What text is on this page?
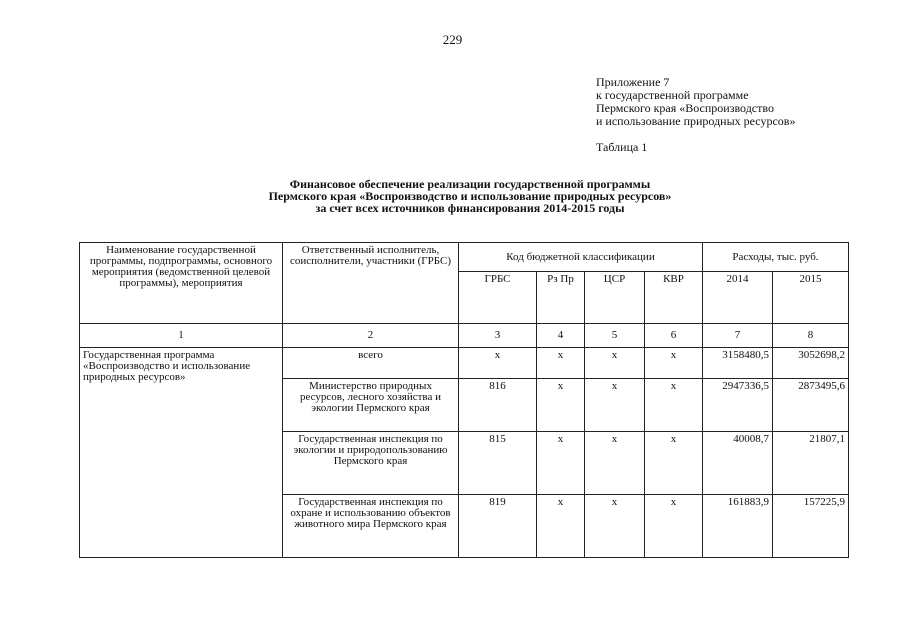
229
Приложение 7
к государственной программе
Пермского края «Воспроизводство
и использование природных ресурсов»
Таблица 1
Финансовое обеспечение реализации государственной программы
Пермского края «Воспроизводство и использование природных ресурсов»
за счет всех источников финансирования 2014-2015 годы
Наименование государственной программы, подпрограммы, основного мероприятия (ведомственной целевой программы), мероприятия	Ответственный исполнитель, соисполнители, участники (ГРБС)	Код бюджетной классификации				Расходы, тыс. руб.	
		ГРБС	Рз Пр	ЦСР	КВР	2014	2015
1	2	3	4	5	6	7	8
Государственная программа «Воспроизводство и использование природных ресурсов»	всего	х	х	х	х	3158480,5	3052698,2
	Министерство природных ресурсов, лесного хозяйства и экологии Пермского края	816	х	х	х	2947336,5	2873495,6
	Государственная инспекция по экологии и природопользованию Пермского края	815	х	х	х	40008,7	21807,1
	Государственная инспекция по охране и использованию объектов животного мира Пермского края	819	х	х	х	161883,9	157225,9
